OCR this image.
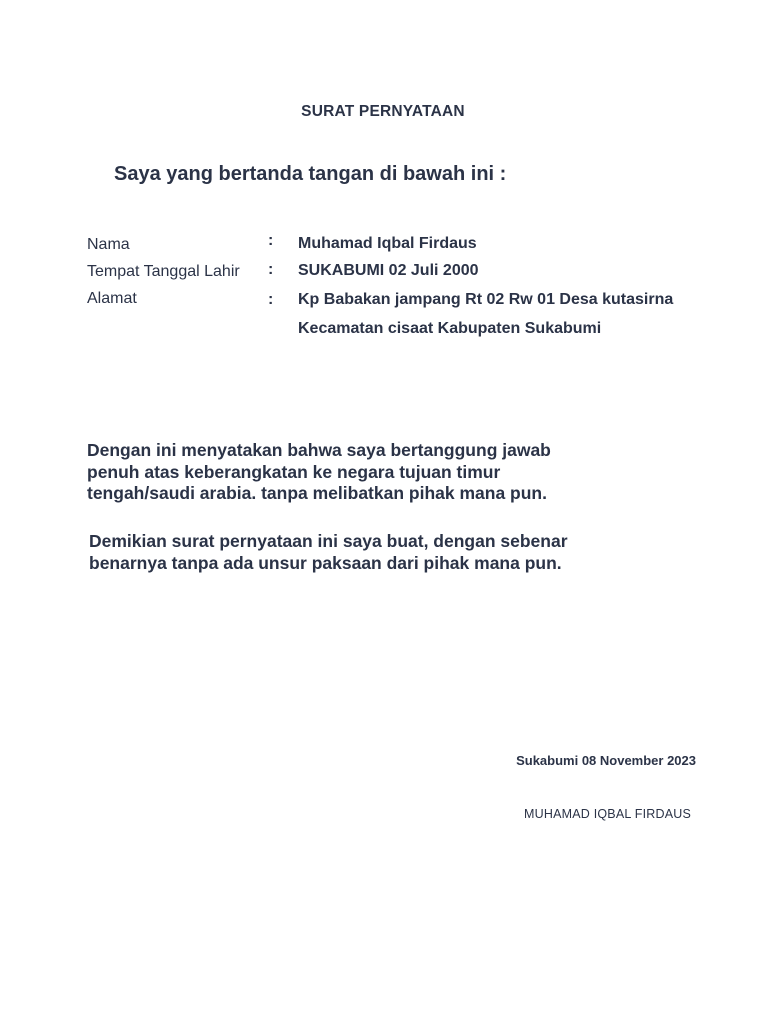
SURAT PERNYATAAN
Saya yang bertanda tangan di bawah ini :
Nama	: Muhamad Iqbal Firdaus
Tempat Tanggal Lahir : SUKABUMI 02 Juli 2000
Alamat	: Kp Babakan jampang Rt 02 Rw 01 Desa kutasirna
Kecamatan cisaat Kabupaten Sukabumi
Dengan ini menyatakan bahwa saya bertanggung jawab
penuh atas keberangkatan ke negara tujuan timur
tengah/saudi arabia. tanpa melibatkan pihak mana pun.
Demikian surat pernyataan ini saya buat, dengan sebenar
benarnya tanpa ada unsur paksaan dari pihak mana pun.
Sukabumi 08 November 2023
MUHAMAD IQBAL FIRDAUS
